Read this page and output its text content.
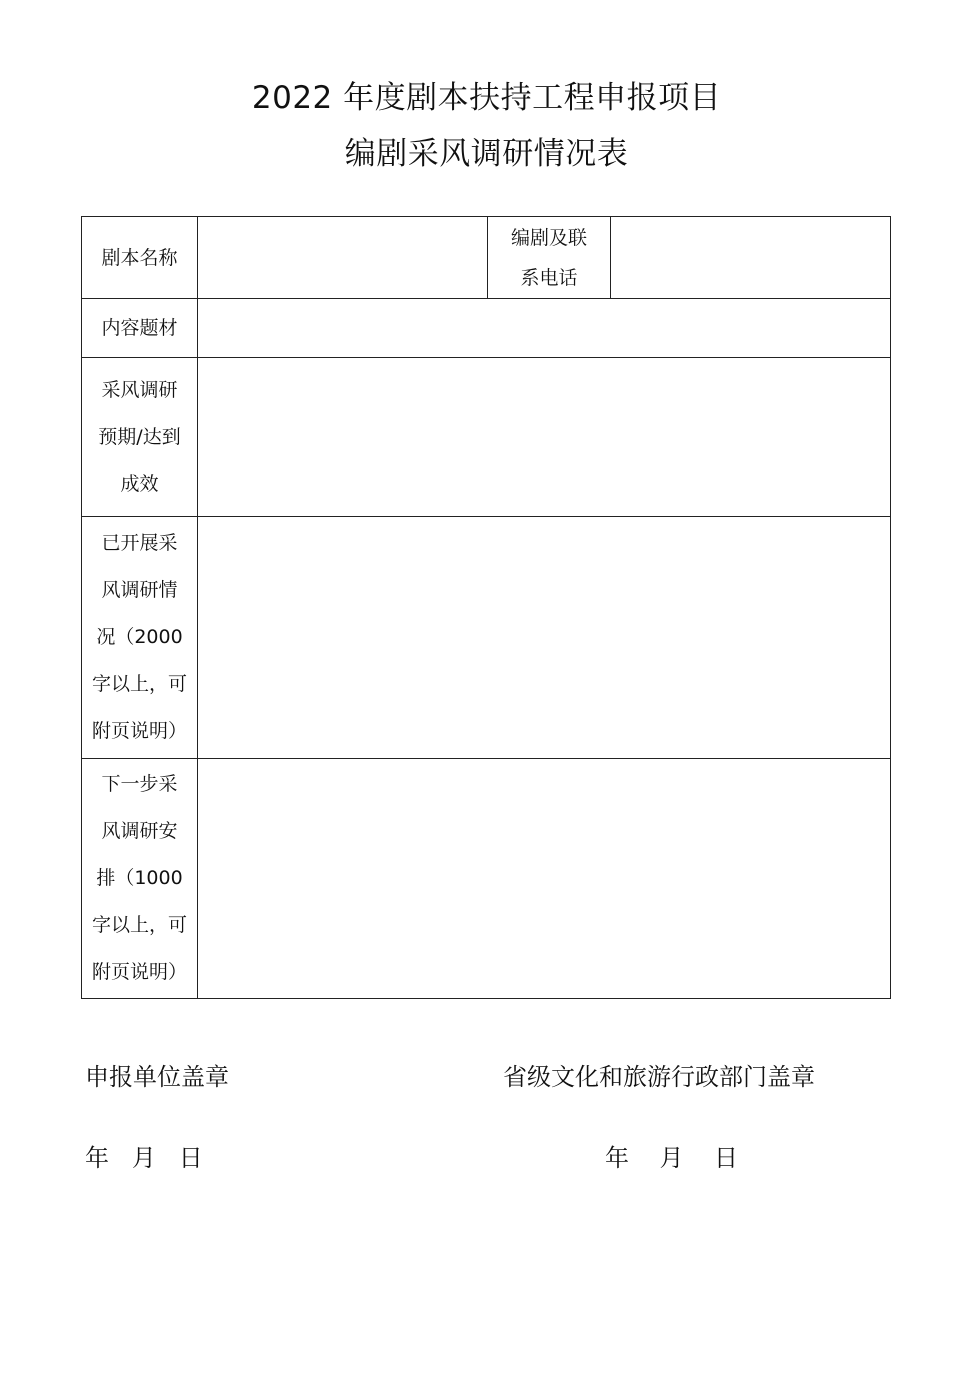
2022 年度剧本扶持工程申报项目
编剧采风调研情况表
剧本名称		编剧及联
系电话	

内容题材			

采风调研
预期/达到
成效			

已开展采
风调研情
况（2000
字以上，可
附页说明）			

下一步采
风调研安
排（1000
字以上，可
附页说明）			

申报单位盖章	省级文化和旅游行政部门盖章
年   月   日	年    月    日
